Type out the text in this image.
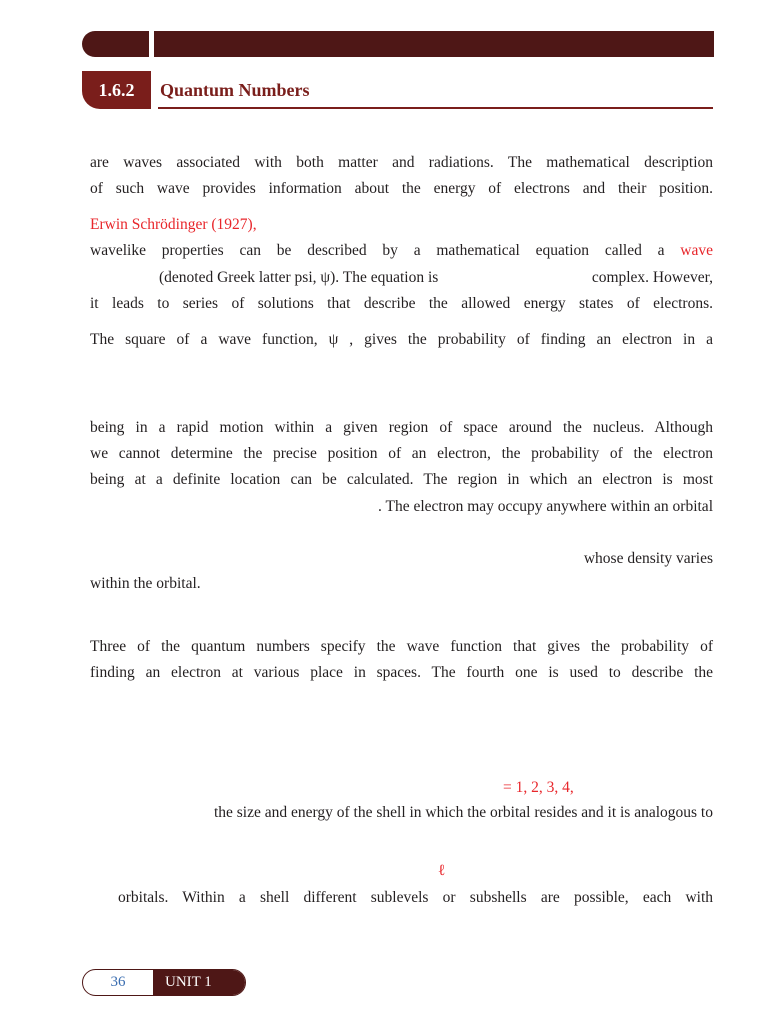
1.6.2	Quantum Numbers
are waves associated with both matter and radiations. The mathematical description
of such wave provides information about the energy of electrons and their position.
Erwin Schrödinger (1927),
wavelike properties can be described by a mathematical equation called a wave
(denoted Greek latter psi, ψ). The equation is	complex. However,
it leads to series of solutions that describe the allowed energy states of electrons.
The square of a wave function, ψ , gives the probability of finding an electron in a
being in a rapid motion within a given region of space around the nucleus. Although
we cannot determine the precise position of an electron, the probability of the electron
being at a definite location can be calculated. The region in which an electron is most
. The electron may occupy anywhere within an orbital
whose density varies
within the orbital.
Three of the quantum numbers specify the wave function that gives the probability of
finding an electron at various place in spaces. The fourth one is used to describe the
= 1, 2, 3, 4,
the size and energy of the shell in which the orbital resides and it is analogous to
ℓ
orbitals. Within a shell different sublevels or subshells are possible, each with
36	UNIT 1
